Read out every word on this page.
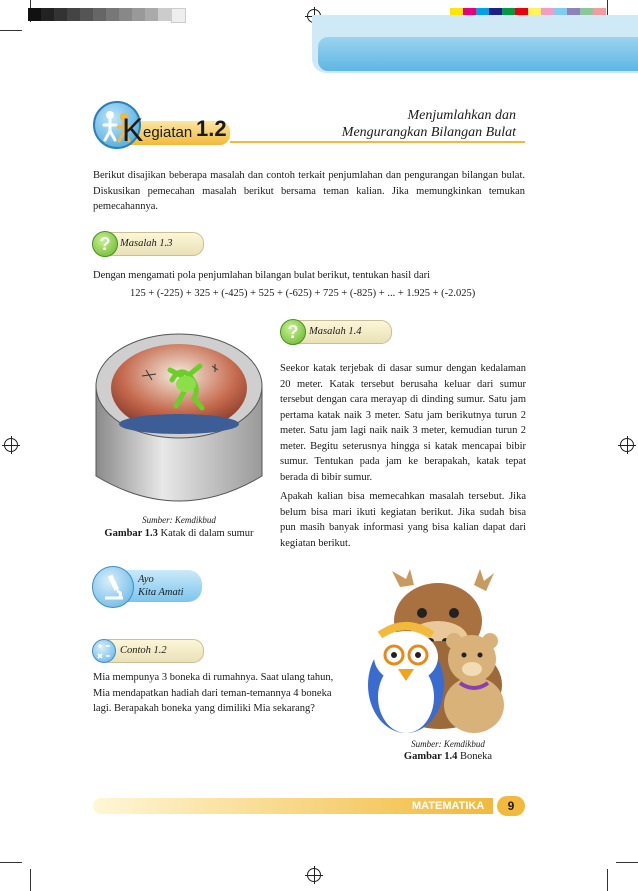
K egiatan 1.2
Menjumlahkan dan
Mengurangkan Bilangan Bulat
Berikut disajikan beberapa masalah dan contoh terkait penjumlahan dan pengurangan bilangan bulat. Diskusikan pemecahan masalah berikut bersama teman kalian. Jika memungkinkan temukan pemecahannya.
? Masalah 1.3
Dengan mengamati pola penjumlahan bilangan bulat berikut, tentukan hasil dari
125 + (-225) + 325 + (-425) + 525 + (-625) + 725 + (-825) + ... + 1.925 + (-2.025)
Sumber: Kemdikbud
Gambar 1.3 Katak di dalam sumur
?	Masalah 1.4
Seekor katak terjebak di dasar sumur dengan kedalaman 20 meter. Katak tersebut berusaha keluar dari sumur tersebut dengan cara merayap di dinding sumur. Satu jam pertama katak naik 3 meter. Satu jam berikutnya turun 2 meter. Satu jam lagi naik naik 3 meter, kemudian turun 2 meter. Begitu seterusnya hingga si katak mencapai bibir sumur. Tentukan pada jam ke berapakah, katak tepat berada di bibir sumur.
Apakah kalian bisa memecahkan masalah tersebut. Jika belum bisa mari ikuti kegiatan berikut. Jika sudah bisa pun masih banyak informasi yang bisa kalian dapat dari kegiatan berikut.
Ayo
Kita Amati
Contoh 1.2
Mia mempunya 3 boneka di rumahnya. Saat ulang tahun, Mia mendapatkan hadiah dari teman-temannya 4 boneka lagi. Berapakah boneka yang dimiliki Mia sekarang?
Sumber: Kemdikbud
Gambar 1.4 Boneka
MATEMATIKA	9
